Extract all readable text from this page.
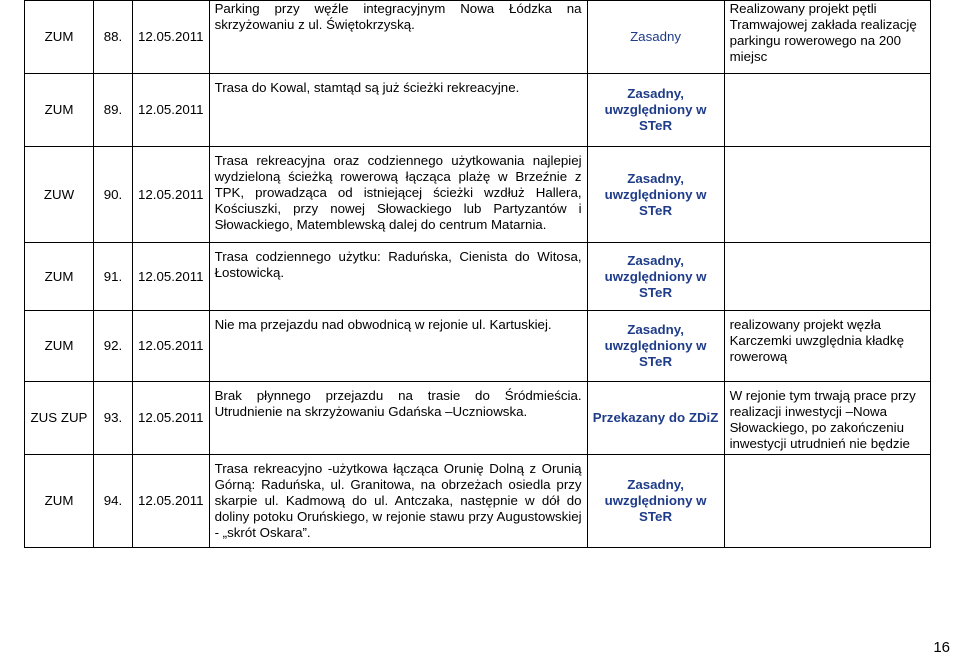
ZUM	88.	12.05.2011	Parking przy węźle integracyjnym Nowa Łódzka na skrzyżowaniu z ul. Świętokrzyską.	Zasadny	Realizowany projekt pętli Tramwajowej zakłada realizację parkingu rowerowego na 200 miejsc
ZUM	89.	12.05.2011	Trasa do Kowal, stamtąd są już ścieżki rekreacyjne.	Zasadny, uwzględniony w STeR	
ZUW	90.	12.05.2011	Trasa rekreacyjna oraz codziennego użytkowania najlepiej wydzieloną ścieżką rowerową łącząca plażę w Brzeźnie z TPK, prowadząca od istniejącej ścieżki wzdłuż Hallera, Kościuszki, przy nowej Słowackiego lub Partyzantów i Słowackiego, Matemblewską dalej do centrum Matarnia.	Zasadny, uwzględniony w STeR	
ZUM	91.	12.05.2011	Trasa codziennego użytku: Raduńska, Cienista do Witosa, Łostowicką.	Zasadny, uwzględniony w STeR	
ZUM	92.	12.05.2011	Nie ma przejazdu nad obwodnicą w rejonie ul. Kartuskiej.	Zasadny, uwzględniony w STeR	realizowany projekt węzła Karczemki uwzględnia kładkę rowerową
ZUS ZUP	93.	12.05.2011	Brak płynnego przejazdu na trasie do Śródmieścia. Utrudnienie na skrzyżowaniu Gdańska –Uczniowska.	Przekazany do ZDiZ	W rejonie tym trwają prace przy realizacji inwestycji –Nowa Słowackiego, po zakończeniu inwestycji utrudnień nie będzie
ZUM	94.	12.05.2011	Trasa rekreacyjno -użytkowa łącząca Orunię Dolną z Orunią Górną: Raduńska, ul. Granitowa, na obrzeżach osiedla przy skarpie ul. Kadmową do ul. Antczaka, następnie w dół do doliny potoku Oruńskiego, w rejonie stawu przy Augustowskiej - „skrót Oskara”.	Zasadny, uwzględniony w STeR	
16
